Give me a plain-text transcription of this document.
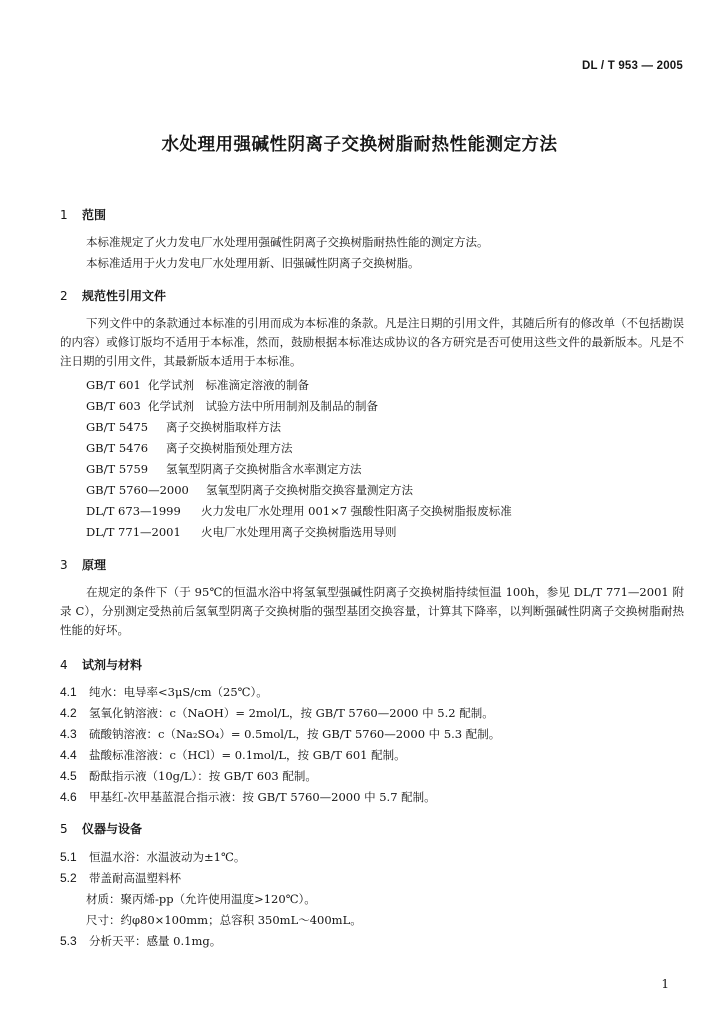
DL / T 953 — 2005
水处理用强碱性阴离子交换树脂耐热性能测定方法
1 范围
本标准规定了火力发电厂水处理用强碱性阴离子交换树脂耐热性能的测定方法。
本标准适用于火力发电厂水处理用新、旧强碱性阴离子交换树脂。
2 规范性引用文件
下列文件中的条款通过本标准的引用而成为本标准的条款。凡是注日期的引用文件，其随后所有的修改单（不包括勘误的内容）或修订版均不适用于本标准，然而，鼓励根据本标准达成协议的各方研究是否可使用这些文件的最新版本。凡是不注日期的引用文件，其最新版本适用于本标准。
GB/T 601 化学试剂　标准滴定溶液的制备
GB/T 603 化学试剂　试验方法中所用制剂及制品的制备
GB/T 5475 离子交换树脂取样方法
GB/T 5476 离子交换树脂预处理方法
GB/T 5759 氢氧型阴离子交换树脂含水率测定方法
GB/T 5760—2000 氢氧型阴离子交换树脂交换容量测定方法
DL/T 673—1999 火力发电厂水处理用 001×7 强酸性阳离子交换树脂报废标准
DL/T 771—2001 火电厂水处理用离子交换树脂选用导则
3 原理
在规定的条件下（于 95℃的恒温水浴中将氢氧型强碱性阴离子交换树脂持续恒温 100h，参见 DL/T 771—2001 附录 C），分别测定受热前后氢氧型阴离子交换树脂的强型基团交换容量，计算其下降率，以判断强碱性阴离子交换树脂耐热性能的好坏。
4 试剂与材料
4.1 纯水：电导率<3μS/cm（25℃）。
4.2 氢氧化钠溶液：c（NaOH）= 2mol/L，按 GB/T 5760—2000 中 5.2 配制。
4.3 硫酸钠溶液：c（Na₂SO₄）= 0.5mol/L，按 GB/T 5760—2000 中 5.3 配制。
4.4 盐酸标准溶液：c（HCl）= 0.1mol/L，按 GB/T 601 配制。
4.5 酚酞指示液（10g/L）：按 GB/T 603 配制。
4.6 甲基红-次甲基蓝混合指示液：按 GB/T 5760—2000 中 5.7 配制。
5 仪器与设备
5.1 恒温水浴：水温波动为±1℃。
5.2 带盖耐高温塑料杯
材质：聚丙烯-pp（允许使用温度>120℃）。
尺寸：约φ80×100mm；总容积 350mL～400mL。
5.3 分析天平：感量 0.1mg。
1
